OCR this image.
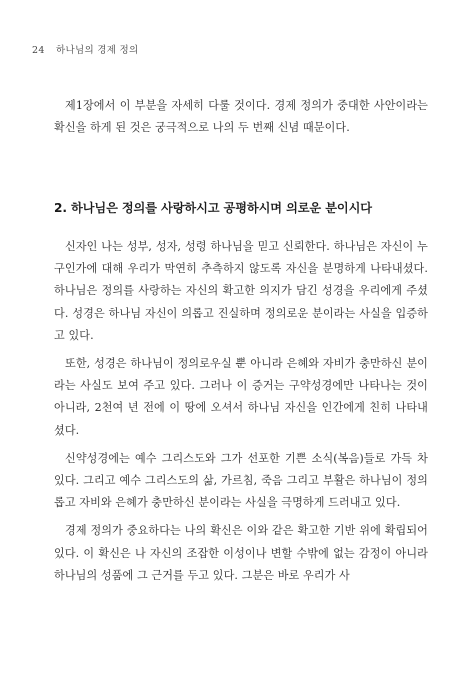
24 하나님의 경제 정의

제1장에서 이 부분을 자세히 다룰 것이다. 경제 정의가 중대한 사안이라는 확신을 하게 된 것은 궁극적으로 나의 두 번째 신념 때문이다.

2. 하나님은 정의를 사랑하시고 공평하시며 의로운 분이시다

신자인 나는 성부, 성자, 성령 하나님을 믿고 신뢰한다. 하나님은 자신이 누구인가에 대해 우리가 막연히 추측하지 않도록 자신을 분명하게 나타내셨다. 하나님은 정의를 사랑하는 자신의 확고한 의지가 담긴 성경을 우리에게 주셨다. 성경은 하나님 자신이 의롭고 진실하며 정의로운 분이라는 사실을 입증하고 있다.

또한, 성경은 하나님이 정의로우실 뿐 아니라 은혜와 자비가 충만하신 분이라는 사실도 보여 주고 있다. 그러나 이 증거는 구약성경에만 나타나는 것이 아니라, 2천여 년 전에 이 땅에 오셔서 하나님 자신을 인간에게 친히 나타내셨다.

신약성경에는 예수 그리스도와 그가 선포한 기쁜 소식(복음)들로 가득 차 있다. 그리고 예수 그리스도의 삶, 가르침, 죽음 그리고 부활은 하나님이 정의롭고 자비와 은혜가 충만하신 분이라는 사실을 극명하게 드러내고 있다.

경제 정의가 중요하다는 나의 확신은 이와 같은 확고한 기반 위에 확립되어 있다. 이 확신은 나 자신의 조잡한 이성이나 변할 수밖에 없는 감정이 아니라 하나님의 성품에 그 근거를 두고 있다. 그분은 바로 우리가 사
